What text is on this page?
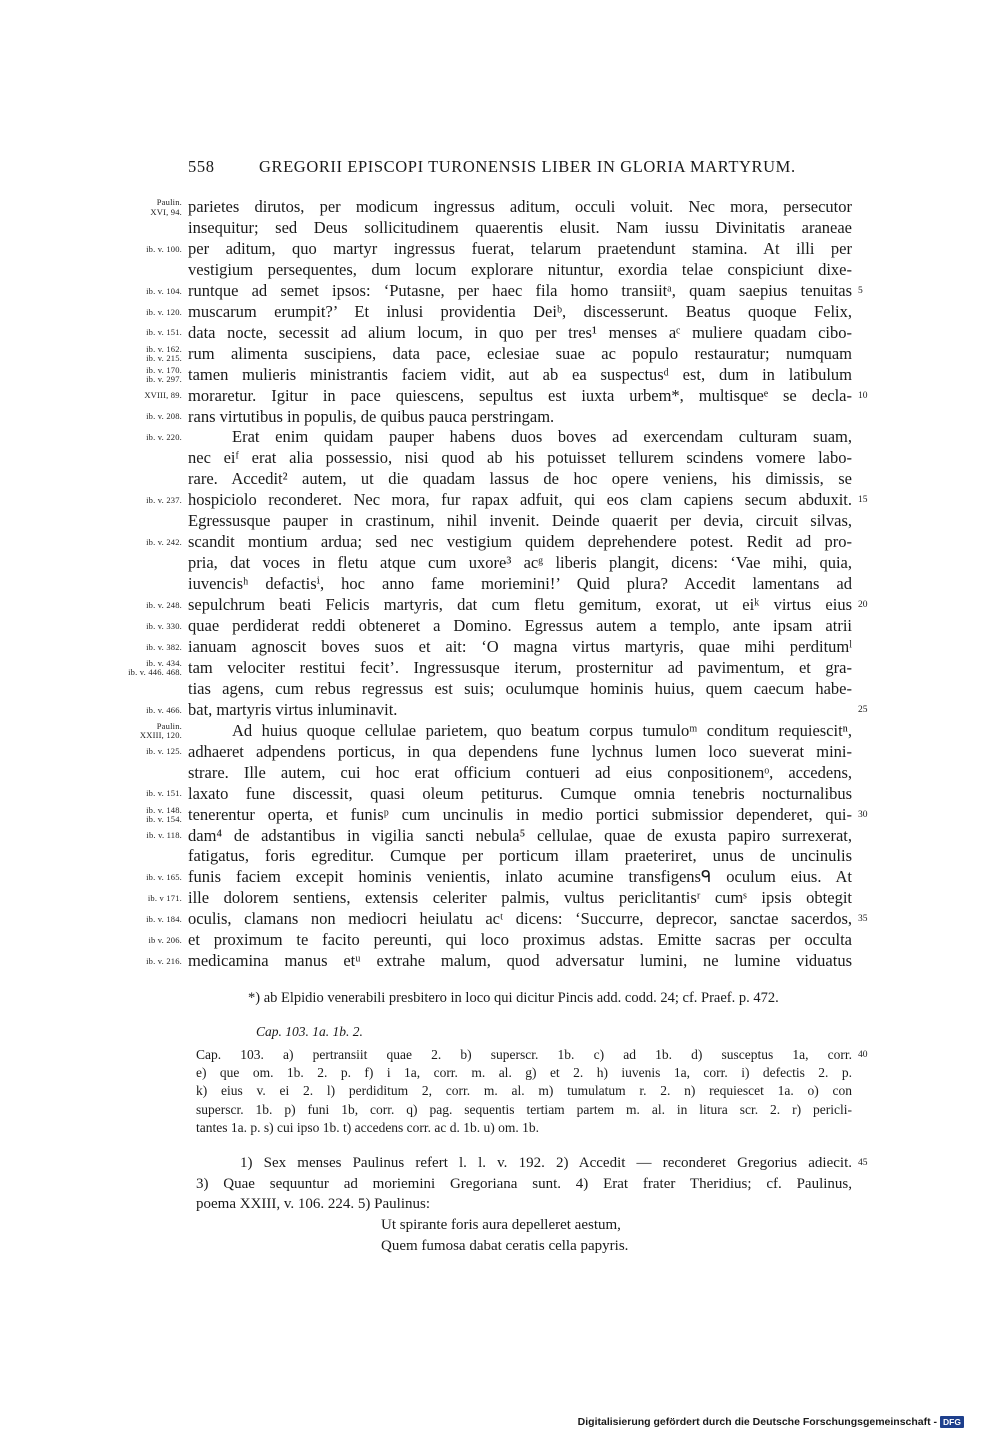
558	GREGORII EPISCOPI TURONENSIS LIBER IN GLORIA MARTYRUM.
*) ab Elpidio venerabili presbitero in loco qui dicitur Pincis add. codd. 24; cf. Praef. p. 472.
Cap. 103. 1a. 1b. 2.
Digitalisierung gefördert durch die Deutsche Forschungsgemeinschaft - DFG
parietes dirutos, per modicum ingressus aditum, occuli voluit. Nec mora, persecutor
Paulin.
XVI, 94.
insequitur; sed Deus sollicitudinem quaerentis elusit. Nam iussu Divinitatis araneae
per aditum, quo martyr ingressus fuerat, telarum praetendunt stamina. At illi per
ib. v. 100.
vestigium persequentes, dum locum explorare nituntur, exordia telae conspiciunt dixe-
runtque ad semet ipsos: ‘Putasne, per haec fila homo transiitᵃ, quam saepius tenuitas
ib. v. 104.	5
muscarum erumpit?’ Et inlusi providentia Deiᵇ, discesserunt. Beatus quoque Felix,
ib. v. 120.
data nocte, secessit ad alium locum, in quo per tres¹ menses aᶜ muliere quadam cibo-
ib. v. 151.
rum alimenta suscipiens, data pace, eclesiae suae ac populo restauratur; numquam
ib. v. 162.
ib. v. 215.
tamen mulieris ministrantis faciem vidit, aut ab ea suspectusᵈ est, dum in latibulum
ib. v. 170.
ib. v. 297.
moraretur. Igitur in pace quiescens, sepultus est iuxta urbem*, multisqueᵉ se decla-
XVIII, 89.	10
rans virtutibus in populis, de quibus pauca perstringam.
ib. v. 208.
Erat enim quidam pauper habens duos boves ad exercendam culturam suam,
ib. v. 220.
nec eiᶠ erat alia possessio, nisi quod ab his potuisset tellurem scindens vomere labo-
rare. Accedit² autem, ut die quadam lassus de hoc opere veniens, his dimissis, se
hospiciolo reconderet. Nec mora, fur rapax adfuit, qui eos clam capiens secum abduxit.
ib. v. 237.	15
Egressusque pauper in crastinum, nihil invenit. Deinde quaerit per devia, circuit silvas,
scandit montium ardua; sed nec vestigium quidem deprehendere potest. Redit ad pro-
ib. v. 242.
pria, dat voces in fletu atque cum uxore³ acᵍ liberis plangit, dicens: ‘Vae mihi, quia,
iuvencisʰ defactisⁱ, hoc anno fame moriemini!’ Quid plura? Accedit lamentans ad
sepulchrum beati Felicis martyris, dat cum fletu gemitum, exorat, ut eiᵏ virtus eius
ib. v. 248.	20
quae perdiderat reddi obteneret a Domino. Egressus autem a templo, ante ipsam atrii
ib. v. 330.
ianuam agnoscit boves suos et ait: ‘O magna virtus martyris, quae mihi perditumˡ
ib. v. 382.
tam velociter restitui fecit’. Ingressusque iterum, prosternitur ad pavimentum, et gra-
ib. v. 434.
ib. v. 446. 468.
tias agens, cum rebus regressus est suis; oculumque hominis huius, quem caecum habe-
bat, martyris virtus inluminavit.
ib. v. 466.	25
Ad huius quoque cellulae parietem, quo beatum corpus tumuloᵐ conditum requiescitⁿ,
Paulin.
XXIII, 120.
adhaeret adpendens porticus, in qua dependens fune lychnus lumen loco sueverat mini-
ib. v. 125.
strare. Ille autem, cui hoc erat officium contueri ad eius conpositionemᵒ, accedens,
laxato fune discessit, quasi oleum petiturus. Cumque omnia tenebris nocturnalibus
ib. v. 151.
tenerentur operta, et funisᵖ cum uncinulis in medio portici submissior dependeret, qui-
ib. v. 148.
ib. v. 154.	30
dam⁴ de adstantibus in vigilia sancti nebula⁵ cellulae, quae de exusta papiro surrexerat,
ib. v. 118.
fatigatus, foris egreditur. Cumque per porticum illam praeteriret, unus de uncinulis
funis faciem excepit hominis venientis, inlato acumine transfigensᑫ oculum eius. At
ib. v. 165.
ille dolorem sentiens, extensis celeriter palmis, vultus periclitantisʳ cumˢ ipsis obtegit
ib. v 171.
oculis, clamans non mediocri heiulatu acᵗ dicens: ‘Succurre, deprecor, sanctae sacerdos,
ib. v. 184.	35
et proximum te facito pereunti, qui loco proximus adstas. Emitte sacras per occulta
ib v. 206.
medicamina manus etᵘ extrahe malum, quod adversatur lumini, ne lumine viduatus
ib. v. 216.
Cap. 103. a) pertransiit quae 2. b) superscr. 1b. c) ad 1b. d) susceptus 1a, corr. 40
e) que om. 1b. 2. p. f) i 1a, corr. m. al. g) et 2. h) iuvenis 1a, corr. i) defectis 2. p.
k) eius v. ei 2. l) perdiditum 2, corr. m. al. m) tumulatum r. 2. n) requiescet 1a. o) con
superscr. 1b. p) funi 1b, corr. q) pag. sequentis tertiam partem m. al. in litura scr. 2. r) pericli-
tantes 1a. p. s) cui ipso 1b. t) accedens corr. ac d. 1b. u) om. 1b.
1) Sex menses Paulinus refert l. l. v. 192. 2) Accedit — reconderet Gregorius adiecit. 45
3) Quae sequuntur ad moriemini Gregoriana sunt. 4) Erat frater Theridius; cf. Paulinus,
poema XXIII, v. 106. 224. 5) Paulinus:
Ut spirante foris aura depelleret aestum,
Quem fumosa dabat ceratis cella papyris.
